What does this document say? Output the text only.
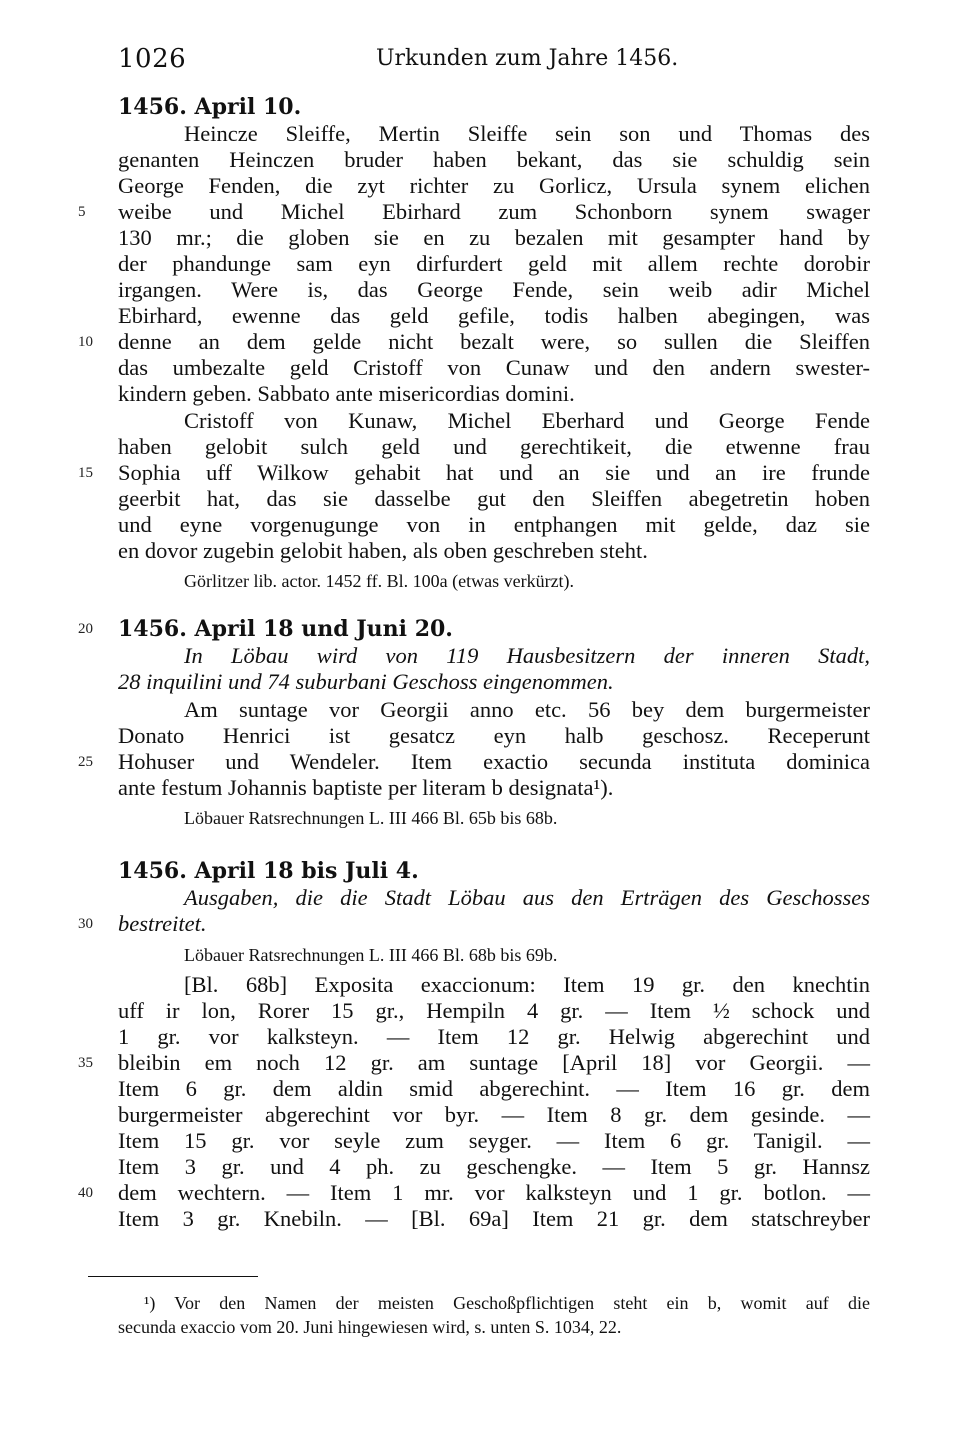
1026	Urkunden zum Jahre 1456.
1456. April 10.
Heincze Sleiffe, Mertin Sleiffe sein son und Thomas des
genanten Heinczen bruder haben bekant, das sie schuldig sein
George Fenden, die zyt richter zu Gorlicz, Ursula synem elichen
weibe und Michel Ebirhard zum Schonborn synem swager
130 mr.; die globen sie en zu bezalen mit gesampter hand by
der phandunge sam eyn dirfurdert geld mit allem rechte dorobir
irgangen. Were is, das George Fende, sein weib adir Michel
Ebirhard, ewenne das geld gefile, todis halben abegingen, was
denne an dem gelde nicht bezalt were, so sullen die Sleiffen
das umbezalte geld Cristoff von Cunaw und den andern swester-
kindern geben. Sabbato ante misericordias domini.
Cristoff von Kunaw, Michel Eberhard und George Fende
haben gelobit sulch geld und gerechtikeit, die etwenne frau
Sophia uff Wilkow gehabit hat und an sie und an ire frunde
geerbit hat, das sie dasselbe gut den Sleiffen abegetretin hoben
und eyne vorgenugunge von in entphangen mit gelde, daz sie
en dovor zugebin gelobit haben, als oben geschreben steht.
Görlitzer lib. actor. 1452 ff. Bl. 100a (etwas verkürzt).
1456. April 18 und Juni 20.
In Löbau wird von 119 Hausbesitzern der inneren Stadt,
28 inquilini und 74 suburbani Geschoss eingenommen.
Am suntage vor Georgii anno etc. 56 bey dem burgermeister
Donato Henrici ist gesatcz eyn halb geschosz. Receperunt
Hohuser und Wendeler. Item exactio secunda instituta dominica
ante festum Johannis baptiste per literam b designata¹).
Löbauer Ratsrechnungen L. III 466 Bl. 65b bis 68b.
1456. April 18 bis Juli 4.
Ausgaben, die die Stadt Löbau aus den Erträgen des Geschosses
bestreitet.
Löbauer Ratsrechnungen L. III 466 Bl. 68b bis 69b.
[Bl. 68b] Exposita exaccionum: Item 19 gr. den knechtin
uff ir lon, Rorer 15 gr., Hempiln 4 gr. — Item ½ schock und
1 gr. vor kalksteyn. — Item 12 gr. Helwig abgerechint und
bleibin em noch 12 gr. am suntage [April 18] vor Georgii. —
Item 6 gr. dem aldin smid abgerechint. — Item 16 gr. dem
burgermeister abgerechint vor byr. — Item 8 gr. dem gesinde. —
Item 15 gr. vor seyle zum seyger. — Item 6 gr. Tanigil. —
Item 3 gr. und 4 ph. zu geschengke. — Item 5 gr. Hannsz
dem wechtern. — Item 1 mr. vor kalksteyn und 1 gr. botlon. —
Item 3 gr. Knebiln. — [Bl. 69a] Item 21 gr. dem statschreyber
¹) Vor den Namen der meisten Geschoßpflichtigen steht ein b, womit auf die
secunda exaccio vom 20. Juni hingewiesen wird, s. unten S. 1034, 22.
5
10
15
20
25
30
35
40
